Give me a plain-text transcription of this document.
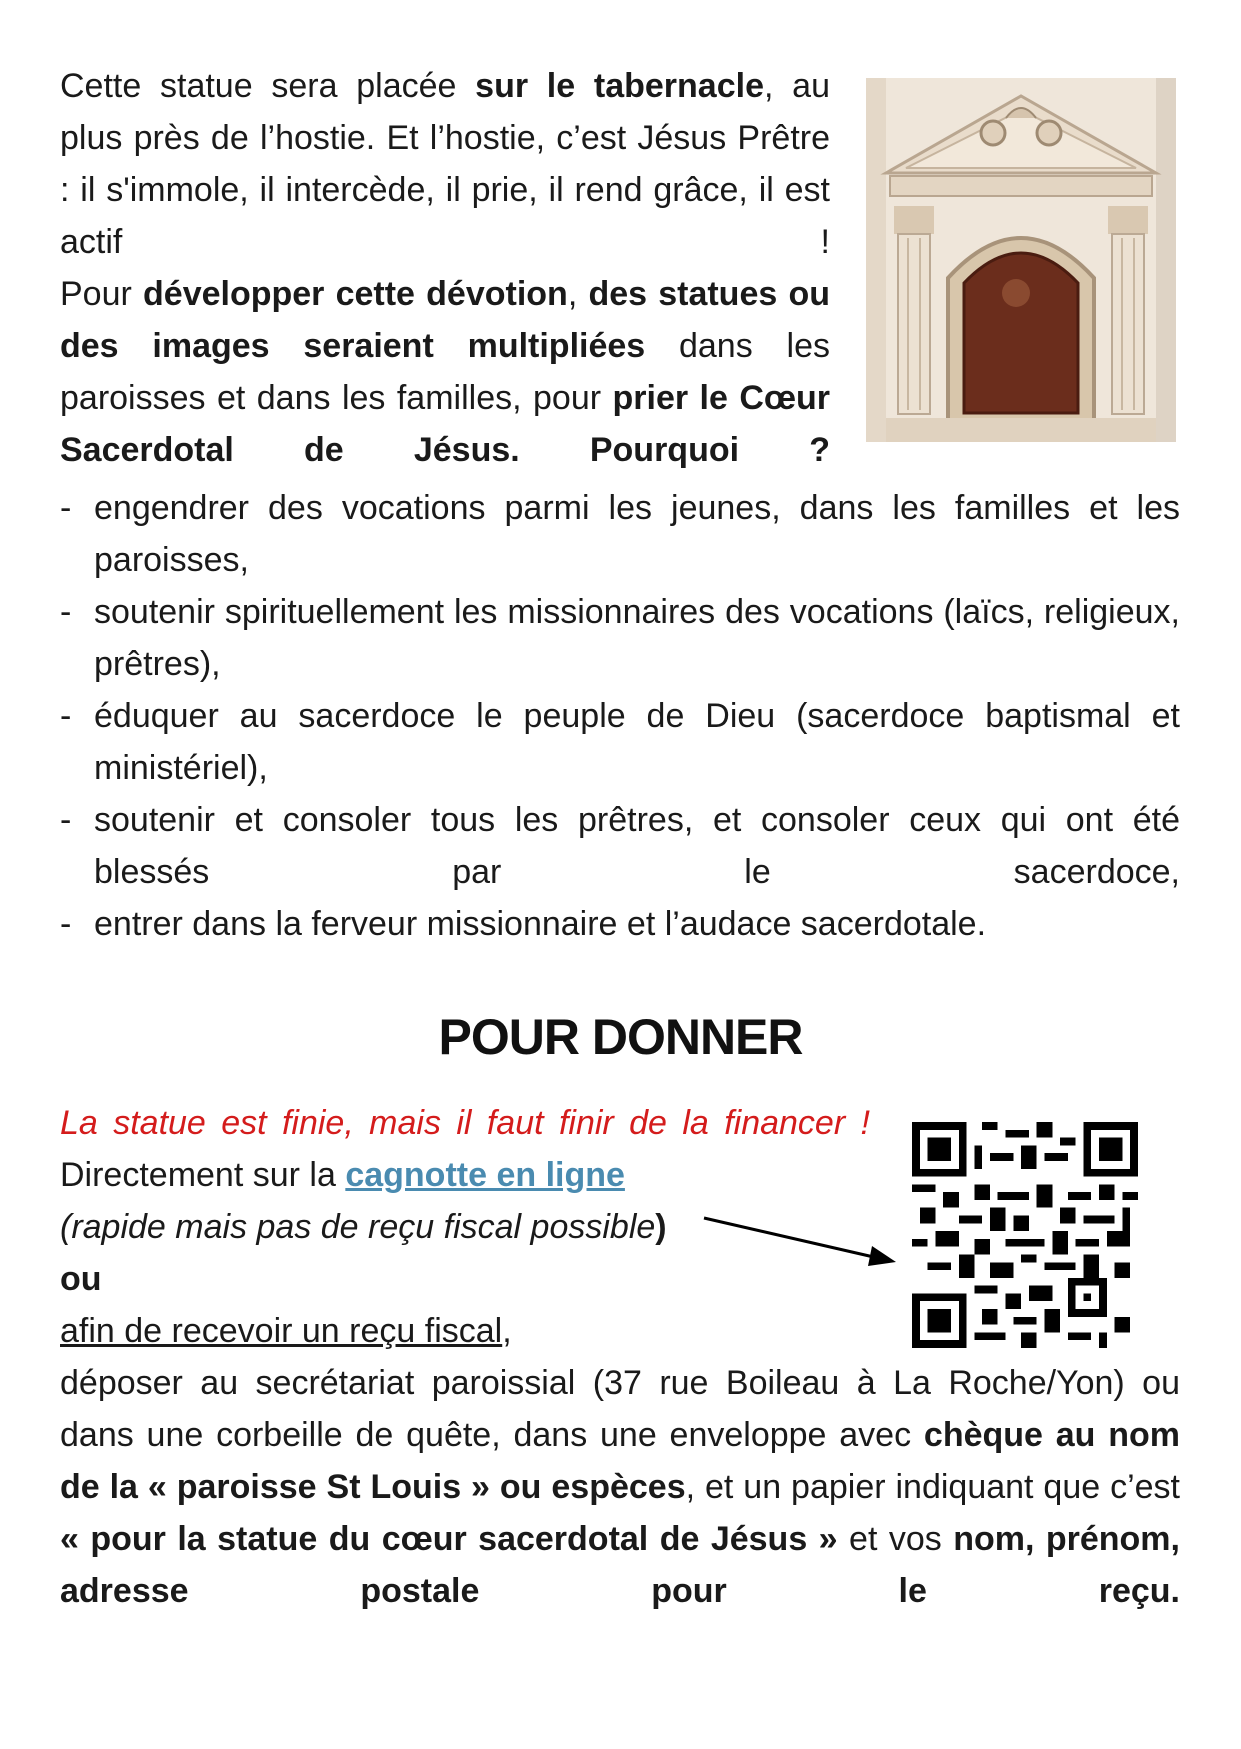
Cette statue sera placée sur le tabernacle, au plus près de l’hostie. Et l’hostie, c’est Jésus Prêtre : il s'immole, il intercède, il prie, il rend grâce, il est actif !
Pour développer cette dévotion, des statues ou des images seraient multipliées dans les paroisses et dans les familles, pour prier le Cœur Sacerdotal de Jésus. Pourquoi ?
- engendrer des vocations parmi les jeunes, dans les familles et les paroisses,
- soutenir spirituellement les missionnaires des vocations (laïcs, religieux, prêtres),
- éduquer au sacerdoce le peuple de Dieu (sacerdoce baptismal et ministériel),
- soutenir et consoler tous les prêtres, et consoler ceux qui ont été blessés par le sacerdoce,
- entrer dans la ferveur missionnaire et l’audace sacerdotale.
POUR DONNER
La statue est finie, mais il faut finir de la financer !
Directement sur la cagnotte en ligne
(rapide mais pas de reçu fiscal possible)
ou
afin de recevoir un reçu fiscal,
déposer au secrétariat paroissial (37 rue Boileau à La Roche/Yon) ou dans une corbeille de quête, dans une enveloppe avec chèque au nom de la « paroisse St Louis » ou espèces, et un papier indiquant que c’est « pour la statue du cœur sacerdotal de Jésus » et vos nom, prénom, adresse postale pour le reçu.
